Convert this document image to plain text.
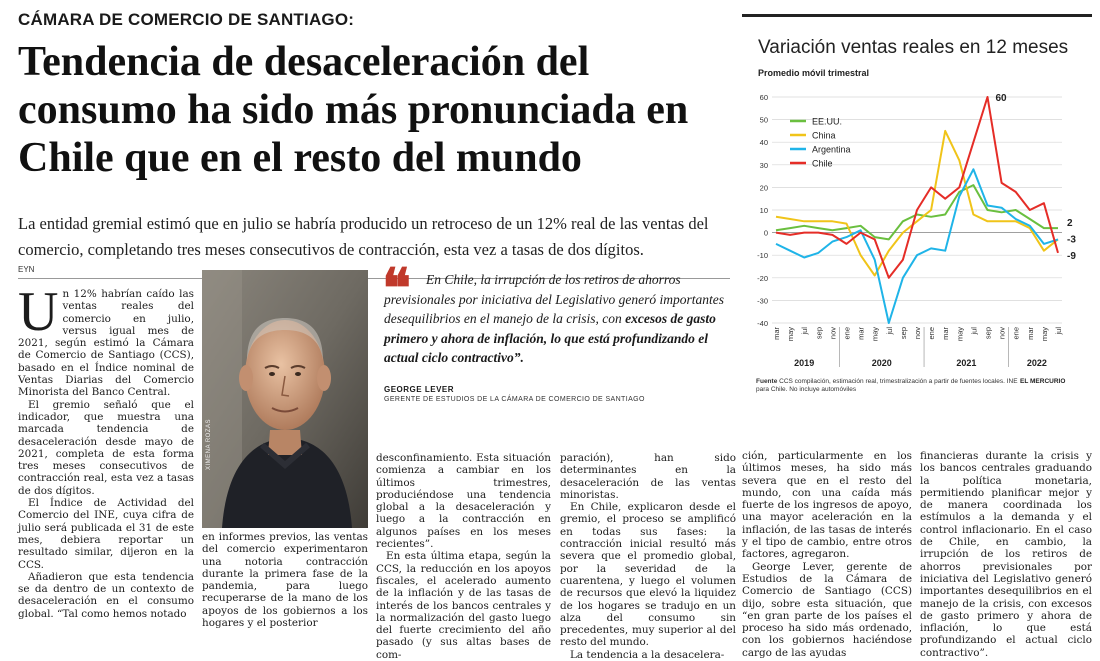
CÁMARA DE COMERCIO DE SANTIAGO:
Tendencia de desaceleración del consumo ha sido más pronunciada en Chile que en el resto del mundo
La entidad gremial estimó que en julio se habría producido un retroceso de un 12% real de las ventas del comercio, completando tres meses consecutivos de contracción, esta vez a tasas de dos dígitos.
EYN

Un 12% habrían caído las ventas reales del comercio en julio, versus igual mes de 2021, según estimó la Cámara de Comercio de Santiago (CCS), basado en el Índice nominal de Ventas Diarias del Comercio Minorista del Banco Central.

El gremio señaló que el indicador, que muestra una marcada tendencia de desaceleración desde mayo de 2021, completa de esta forma tres meses consecutivos de contracción real, esta vez a tasas de dos dígitos.

El Índice de Actividad del Comercio del INE, cuya cifra de julio será publicada el 31 de este mes, debiera reportar un resultado similar, dijeron en la CCS.

Añadieron que esta tendencia se da dentro de un contexto de desaceleración en el consumo global. “Tal como hemos notado

XIMENA ROZAS
❝	En Chile, la irrupción de los retiros de ahorros previsionales por iniciativa del Legislativo generó importantes desequilibrios en el manejo de la crisis, con excesos de gasto primero y ahora de inflación, lo que está profundizando el actual ciclo contractivo”.
GEORGE LEVER
GERENTE DE ESTUDIOS DE LA CÁMARA DE COMERCIO DE SANTIAGO

en informes previos, las ventas del comercio experimentaron una notoria contracción durante la primera fase de la pandemia, para luego recuperarse de la mano de los apoyos de los gobiernos a los hogares y el posterior

desconfinamiento. Esta situación comienza a cambiar en los últimos trimestres, produciéndose una tendencia global a la desaceleración y luego a la contracción en algunos países en los meses recientes”.

En esta última etapa, según la CCS, la reducción en los apoyos fiscales, el acelerado aumento de la inflación y de las tasas de interés de los bancos centrales y la normalización del gasto luego del fuerte crecimiento del año pasado (y sus altas bases de com-

paración), han sido determinantes en la desaceleración de las ventas minoristas.

En Chile, explicaron desde el gremio, el proceso se amplificó en todas sus fases: la contracción inicial resultó más severa que el promedio global, por la severidad de la cuarentena, y luego el volumen de recursos que elevó la liquidez de los hogares se tradujo en un alza del consumo sin precedentes, muy superior al del resto del mundo.

La tendencia a la desacelera-

ción, particularmente en los últimos meses, ha sido más severa que en el resto del mundo, con una caída más fuerte de los ingresos de apoyo, una mayor aceleración en la inflación, de las tasas de interés y el tipo de cambio, entre otros factores, agregaron.

George Lever, gerente de Estudios de la Cámara de Comercio de Santiago (CCS) dijo, sobre esta situación, que “en gran parte de los países el proceso ha sido más ordenado, con los gobiernos haciéndose cargo de las ayudas

financieras durante la crisis y los bancos centrales graduando la política monetaria, permitiendo planificar mejor y de manera coordinada los estímulos a la demanda y el control inflacionario. En el caso de Chile, en cambio, la irrupción de los retiros de ahorros previsionales por iniciativa del Legislativo generó importantes desequilibrios en el manejo de la crisis, con excesos de gasto primero y ahora de inflación, lo que está profundizando el actual ciclo contractivo”.

Variación ventas reales en 12 meses
Promedio móvil trimestral
60
50
40
30
20
10
0
-10
-20
-30
-40
mar may jul sep nov ene mar may jul sep nov ene mar may jul sep nov ene mar may jul
2019	2020	2021	2022
EE.UU.
China
Argentina
Chile
60
2
-3
-9
Fuente CCS compilación, estimación real, trimestralización a partir de fuentes locales. INE para Chile. No incluye automóviles
EL MERCURIO
